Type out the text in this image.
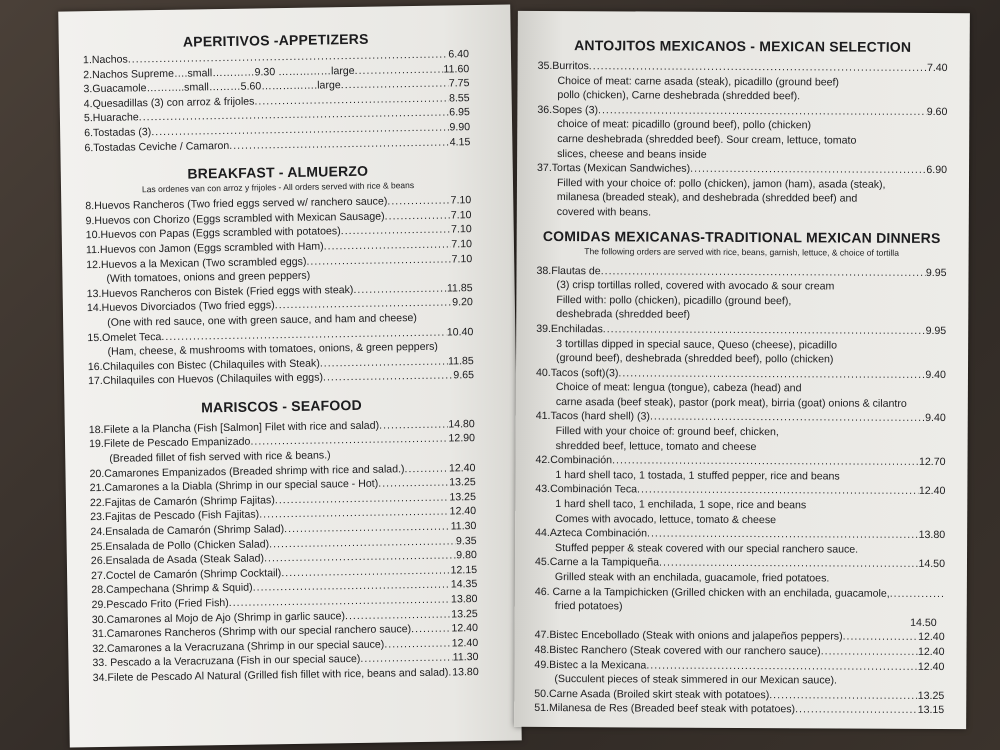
APERITIVOS -APPETIZERS
1.Nachos .....	6.40
2.Nachos Supreme….small…………9.30 ……………large .....	11.60
3.Guacamole………..small………5.60…………….large .....	7.75
4.Quesadillas (3) con arroz & frijoles .....	8.55
5.Huarache .....	6.95
6.Tostadas (3) .....	9.90
6.Tostadas Ceviche / Camaron .....	4.15
BREAKFAST - ALMUERZO
Las ordenes van con arroz y frijoles - All orders served with rice & beans
8.Huevos Rancheros (Two fried eggs served w/ ranchero sauce) .....	7.10
9.Huevos con Chorizo (Eggs scrambled with Mexican Sausage) .....	7.10
10.Huevos con Papas (Eggs scrambled with potatoes) .....	7.10
11.Huevos con Jamon (Eggs scrambled with Ham) .....	7.10
12.Huevos a la Mexican (Two scrambled eggs) .....	7.10
(With tomatoes, onions and green peppers)
13.Huevos Rancheros con Bistek (Fried eggs with steak) .....	11.85
14.Huevos Divorciados (Two fried eggs) .....	9.20
(One with red sauce, one with green sauce, and ham and cheese)
15.Omelet Teca .....	10.40
(Ham, cheese, & mushrooms with tomatoes, onions, & green peppers)
16.Chilaquiles con Bistec (Chilaquiles with Steak) .....	11.85
17.Chilaquiles con Huevos (Chilaquiles with eggs) .....	9.65
MARISCOS - SEAFOOD
18.Filete a la Plancha (Fish [Salmon] Filet with rice and salad) .....	14.80
19.Filete de Pescado Empanizado .....	12.90
(Breaded fillet of fish served with rice & beans.)
20.Camarones Empanizados (Breaded shrimp with rice and salad.) .....	12.40
21.Camarones a la Diabla (Shrimp in our special sauce - Hot) .....	13.25
22.Fajitas de Camarón (Shrimp Fajitas) .....	13.25
23.Fajitas de Pescado (Fish Fajitas) .....	12.40
24.Ensalada de Camarón (Shrimp Salad) .....	11.30
25.Ensalada de Pollo (Chicken Salad) .....	9.35
26.Ensalada de Asada (Steak Salad) .....	9.80
27.Coctel de Camarón (Shrimp Cocktail) .....	12.15
28.Campechana (Shrimp & Squid) .....	14.35
29.Pescado Frito (Fried Fish) .....	13.80
30.Camarones al Mojo de Ajo (Shrimp in garlic sauce) .....	13.25
31.Camarones Rancheros (Shrimp with our special ranchero sauce) .....	12.40
32.Camarones a la Veracruzana (Shrimp in our special sauce) .....	12.40
33. Pescado a la Veracruzana (Fish in our special sauce) .....	11.30
34.Filete de Pescado Al Natural (Grilled fish fillet with rice, beans and salad) ..... 13.80
ANTOJITOS MEXICANOS - MEXICAN SELECTION
35.Burritos .....	7.40
Choice of meat: carne asada (steak), picadillo (ground beef)
pollo (chicken), Carne deshebrada (shredded beef).
36.Sopes (3) .....	9.60
choice of meat: picadillo (ground beef), pollo (chicken)
carne deshebrada (shredded beef). Sour cream, lettuce, tomato
slices, cheese and beans inside
37.Tortas (Mexican Sandwiches) .....	6.90
Filled with your choice of: pollo (chicken), jamon (ham), asada (steak),
milanesa (breaded steak), and deshebrada (shredded beef) and
covered with beans.
COMIDAS MEXICANAS-TRADITIONAL MEXICAN DINNERS
The following orders are served with rice, beans, garnish, lettuce, & choice of tortilla
38.Flautas de .....	9.95
(3) crisp tortillas rolled, covered with avocado & sour cream
Filled with: pollo (chicken), picadillo (ground beef),
deshebrada (shredded beef)
39.Enchiladas .....	9.95
3 tortillas dipped in special sauce, Queso (cheese), picadillo
(ground beef), deshebrada (shredded beef), pollo (chicken)
40.Tacos (soft)(3) .....	9.40
Choice of meat: lengua (tongue), cabeza (head) and
carne asada (beef steak), pastor (pork meat), birria (goat) onions & cilantro
41.Tacos (hard shell) (3) .....	9.40
Filled with your choice of: ground beef, chicken,
shredded beef, lettuce, tomato and cheese
42.Combinación .....	12.70
1 hard shell taco, 1 tostada, 1 stuffed pepper, rice and beans
43.Combinación Teca .....	12.40
1 hard shell taco, 1 enchilada, 1 sope, rice and beans
Comes with avocado, lettuce, tomato & cheese
44.Azteca Combinación .....	13.80
Stuffed pepper & steak covered with our special ranchero sauce.
45.Carne a la Tampiqueña .....	14.50
Grilled steak with an enchilada, guacamole, fried potatoes.
46. Carne a la Tampichicken (Grilled chicken with an enchilada, guacamole,
.....
fried potatoes)
14.50
47.Bistec Encebollado (Steak with onions and jalapeños peppers) .....	12.40
48.Bistec Ranchero (Steak covered with our ranchero sauce) .....	12.40
49.Bistec a la Mexicana .....	12.40
(Succulent pieces of steak simmered in our Mexican sauce).
50.Carne Asada (Broiled skirt steak with potatoes) .....	13.25
51.Milanesa de Res (Breaded beef steak with potatoes) .....	13.15
